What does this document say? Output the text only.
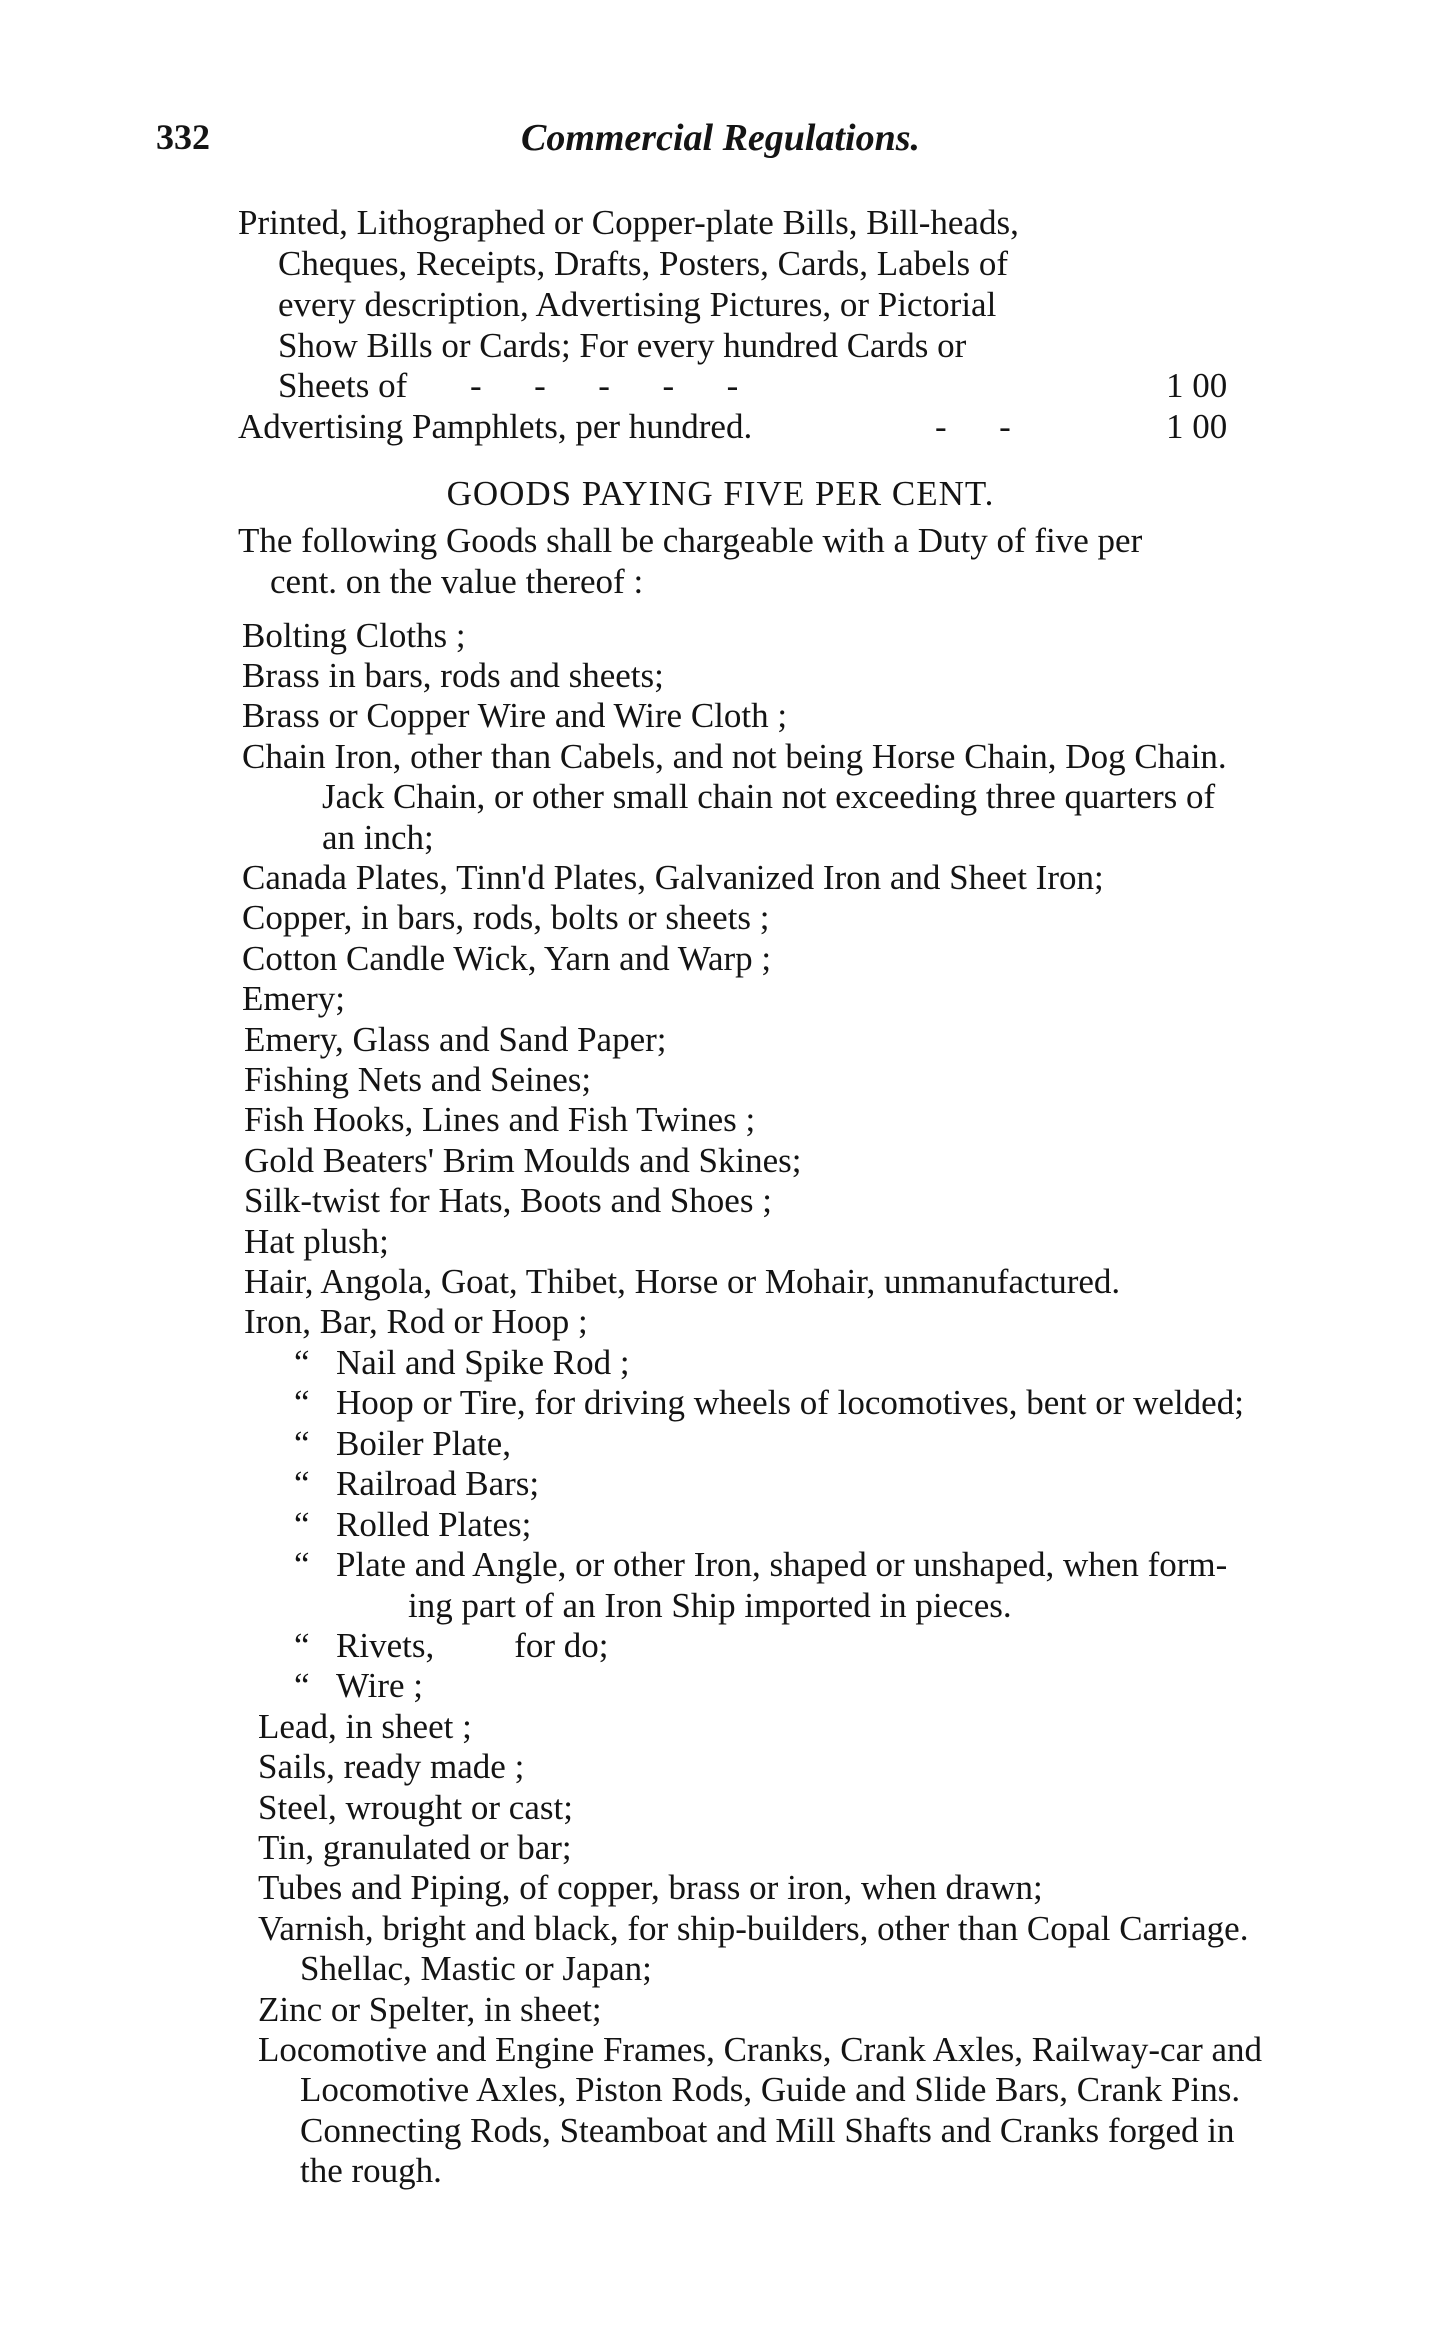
332	Commercial Regulations.
Printed, Lithographed or Copper-plate Bills, Bill-heads,
Cheques, Receipts, Drafts, Posters, Cards, Labels of
every description, Advertising Pictures, or Pictorial
Show Bills or Cards; For every hundred Cards or
Sheets of -      -      -      -      -	1 00
Advertising Pamphlets, per hundred.	-      -	1 00
GOODS PAYING FIVE PER CENT.
The following Goods shall be chargeable with a Duty of five per
cent. on the value thereof :
Bolting Cloths ;
Brass in bars, rods and sheets;
Brass or Copper Wire and Wire Cloth ;
Chain Iron, other than Cabels, and not being Horse Chain, Dog Chain.
Jack Chain, or other small chain not exceeding three quarters of
an inch;
Canada Plates, Tinn'd Plates, Galvanized Iron and Sheet Iron;
Copper, in bars, rods, bolts or sheets ;
Cotton Candle Wick, Yarn and Warp ;
Emery;
Emery, Glass and Sand Paper;
Fishing Nets and Seines;
Fish Hooks, Lines and Fish Twines ;
Gold Beaters' Brim Moulds and Skines;
Silk-twist for Hats, Boots and Shoes ;
Hat plush;
Hair, Angola, Goat, Thibet, Horse or Mohair, unmanufactured.
Iron, Bar, Rod or Hoop ;
“ Nail and Spike Rod ;
“ Hoop or Tire, for driving wheels of locomotives, bent or welded;
“ Boiler Plate,
“ Railroad Bars;
“ Rolled Plates;
“ Plate and Angle, or other Iron, shaped or unshaped, when form-
ing part of an Iron Ship imported in pieces.
“ Rivets, for do;
“ Wire ;
Lead, in sheet ;
Sails, ready made ;
Steel, wrought or cast;
Tin, granulated or bar;
Tubes and Piping, of copper, brass or iron, when drawn;
Varnish, bright and black, for ship-builders, other than Copal Carriage.
Shellac, Mastic or Japan;
Zinc or Spelter, in sheet;
Locomotive and Engine Frames, Cranks, Crank Axles, Railway-car and
Locomotive Axles, Piston Rods, Guide and Slide Bars, Crank Pins.
Connecting Rods, Steamboat and Mill Shafts and Cranks forged in
the rough.
